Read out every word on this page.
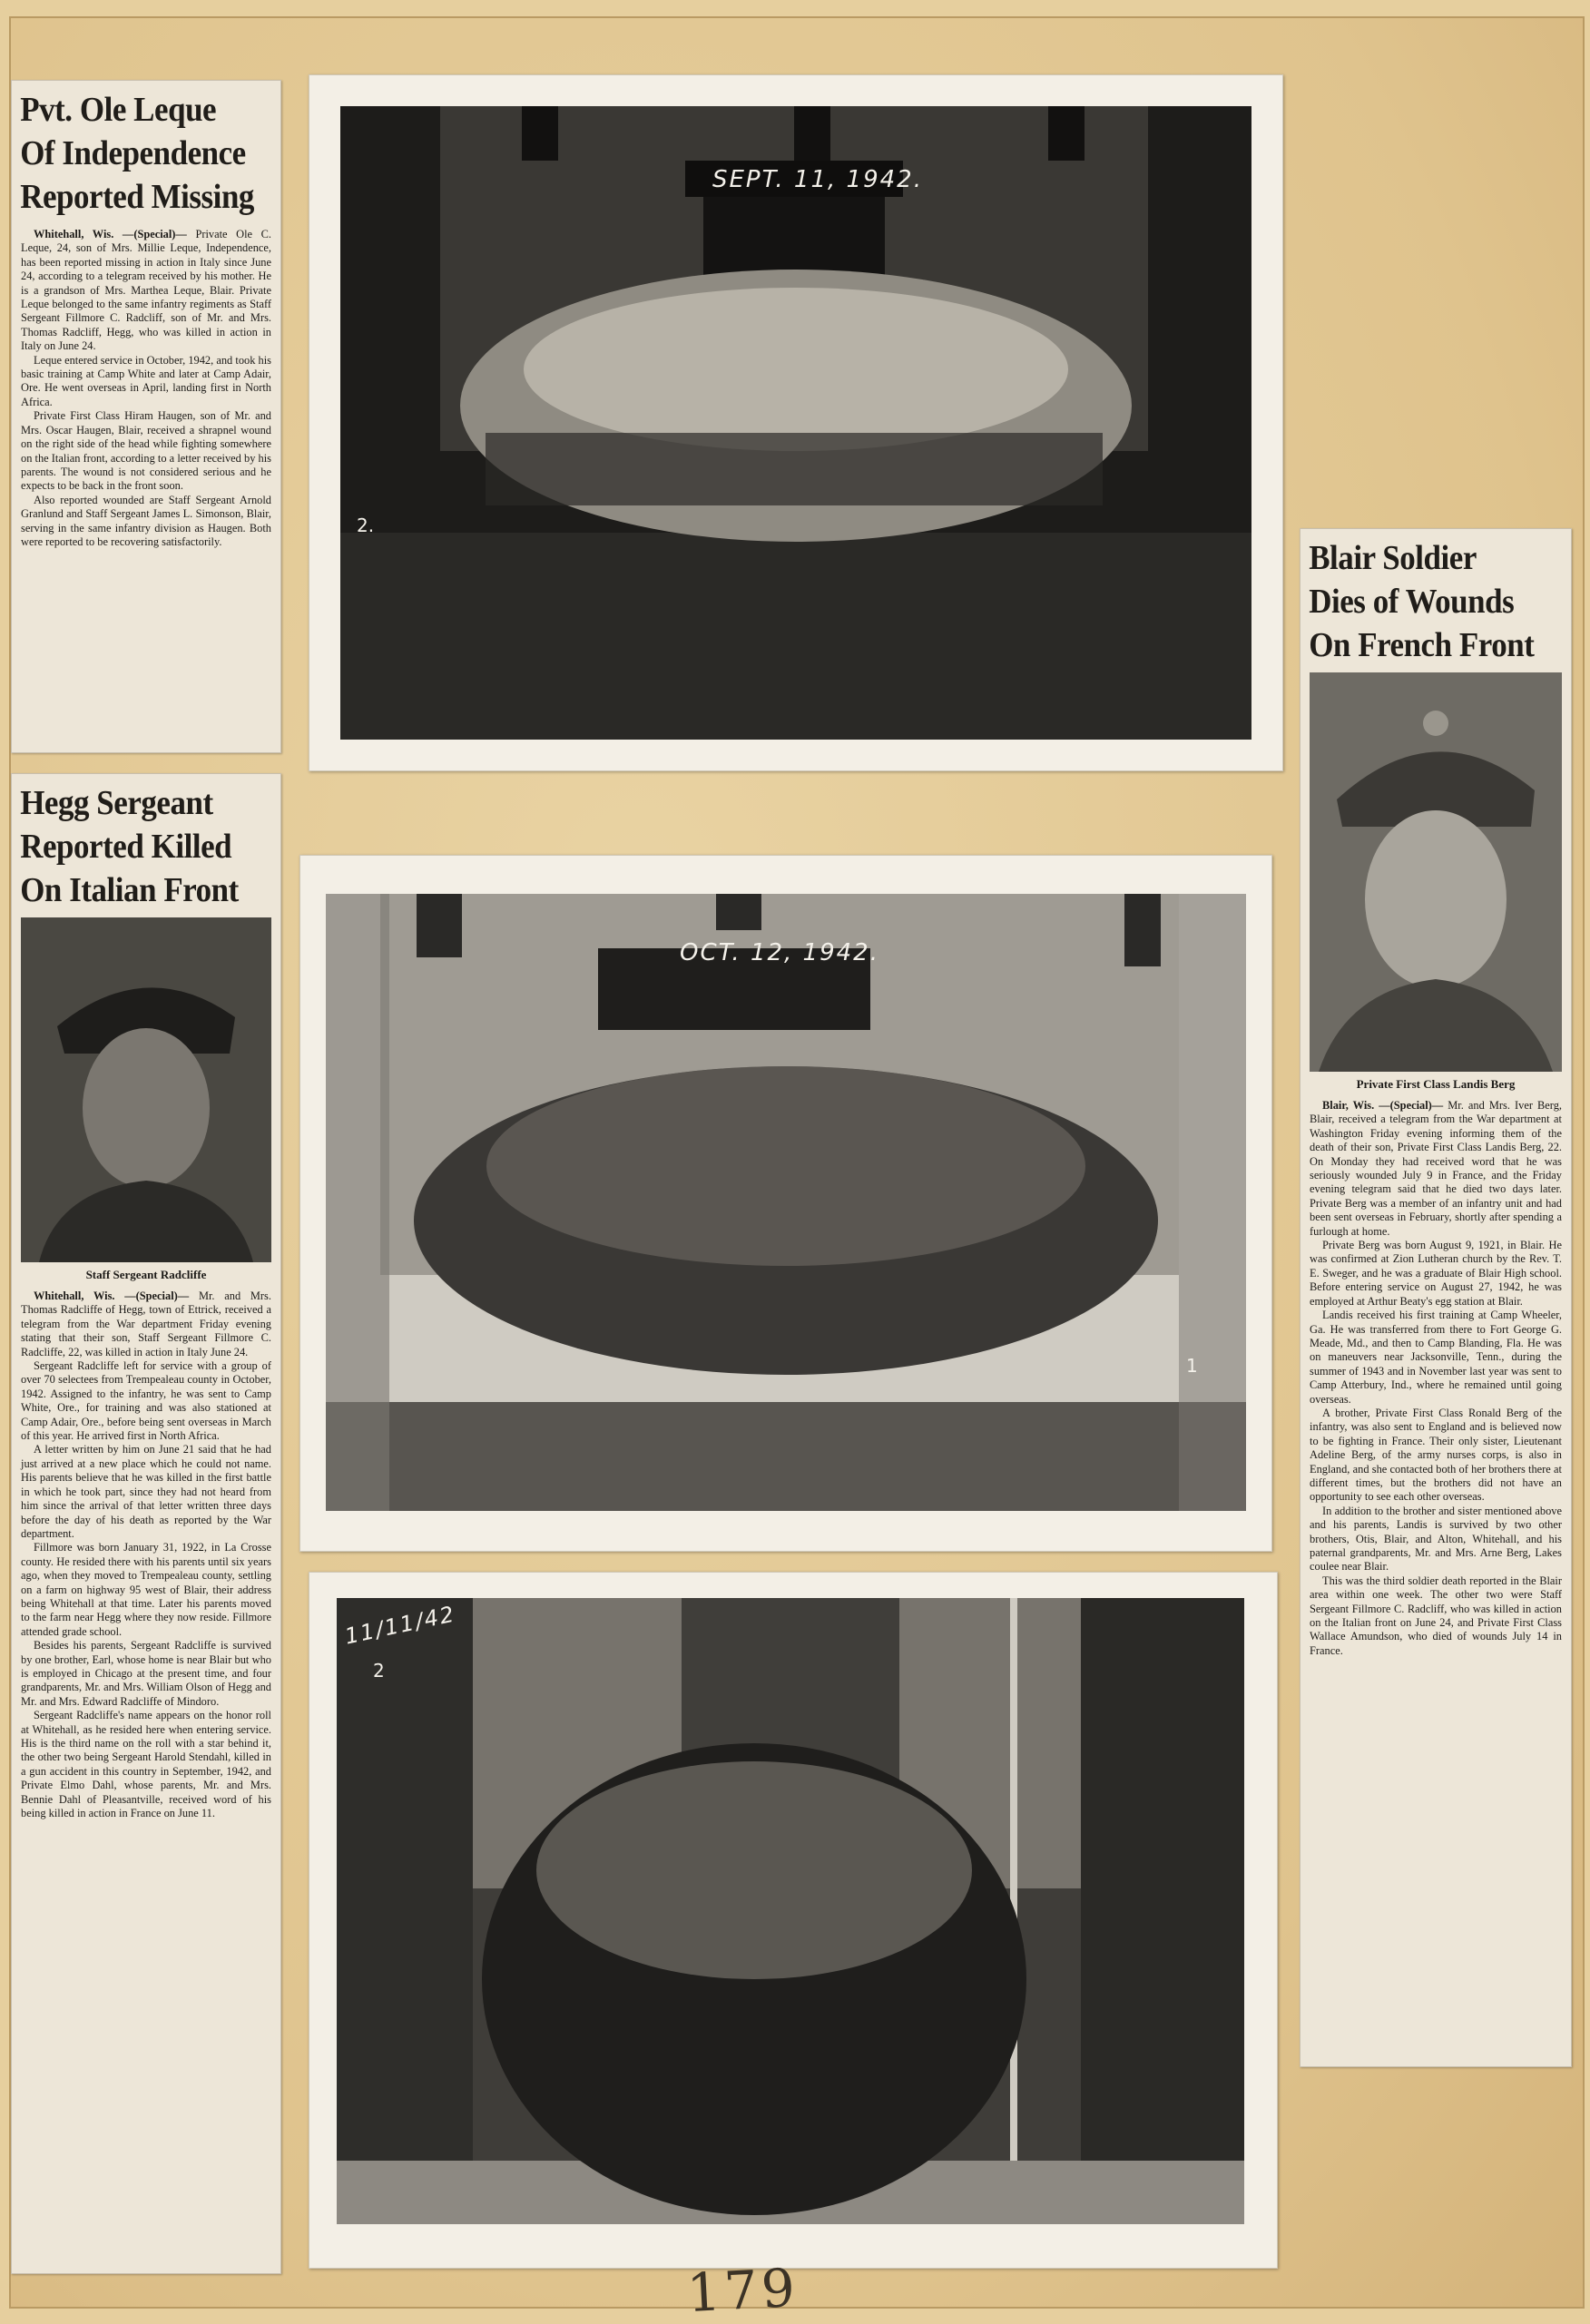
Pvt. Ole Leque
Of Independence
Reported Missing

Whitehall, Wis. —(Special)— Private Ole C. Leque, 24, son of Mrs. Millie Leque, Independence, has been reported missing in action in Italy since June 24, according to a telegram received by his mother. He is a grandson of Mrs. Marthea Leque, Blair. Private Leque belonged to the same infantry regiments as Staff Sergeant Fillmore C. Radcliff, son of Mr. and Mrs. Thomas Radcliff, Hegg, who was killed in action in Italy on June 24.

Leque entered service in October, 1942, and took his basic training at Camp White and later at Camp Adair, Ore. He went overseas in April, landing first in North Africa.

Private First Class Hiram Haugen, son of Mr. and Mrs. Oscar Haugen, Blair, received a shrapnel wound on the right side of the head while fighting somewhere on the Italian front, according to a letter received by his parents. The wound is not considered serious and he expects to be back in the front soon.

Also reported wounded are Staff Sergeant Arnold Granlund and Staff Sergeant James L. Simonson, Blair, serving in the same infantry division as Haugen. Both were reported to be recovering satisfactorily.

Hegg Sergeant
Reported Killed
On Italian Front
Staff Sergeant Radcliffe

Whitehall, Wis. —(Special)— Mr. and Mrs. Thomas Radcliffe of Hegg, town of Ettrick, received a telegram from the War department Friday evening stating that their son, Staff Sergeant Fillmore C. Radcliffe, 22, was killed in action in Italy June 24.

Sergeant Radcliffe left for service with a group of over 70 selectees from Trempealeau county in October, 1942. Assigned to the infantry, he was sent to Camp White, Ore., for training and was also stationed at Camp Adair, Ore., before being sent overseas in March of this year. He arrived first in North Africa.

A letter written by him on June 21 said that he had just arrived at a new place which he could not name. His parents believe that he was killed in the first battle in which he took part, since they had not heard from him since the arrival of that letter written three days before the day of his death as reported by the War department.

Fillmore was born January 31, 1922, in La Crosse county. He resided there with his parents until six years ago, when they moved to Trempealeau county, settling on a farm on highway 95 west of Blair, their address being Whitehall at that time. Later his parents moved to the farm near Hegg where they now reside. Fillmore attended grade school.

Besides his parents, Sergeant Radcliffe is survived by one brother, Earl, whose home is near Blair but who is employed in Chicago at the present time, and four grandparents, Mr. and Mrs. William Olson of Hegg and Mr. and Mrs. Edward Radcliffe of Mindoro.

Sergeant Radcliffe's name appears on the honor roll at Whitehall, as he resided here when entering service. His is the third name on the roll with a star behind it, the other two being Sergeant Harold Stendahl, killed in a gun accident in this country in September, 1942, and Private Elmo Dahl, whose parents, Mr. and Mrs. Bennie Dahl of Pleasantville, received word of his being killed in action in France on June 11.

Blair Soldier
Dies of Wounds
On French Front
Private First Class Landis Berg

Blair, Wis. —(Special)— Mr. and Mrs. Iver Berg, Blair, received a telegram from the War department at Washington Friday evening informing them of the death of their son, Private First Class Landis Berg, 22. On Monday they had received word that he was seriously wounded July 9 in France, and the Friday evening telegram said that he died two days later. Private Berg was a member of an infantry unit and had been sent overseas in February, shortly after spending a furlough at home.

Private Berg was born August 9, 1921, in Blair. He was confirmed at Zion Lutheran church by the Rev. T. E. Sweger, and he was a graduate of Blair High school. Before entering service on August 27, 1942, he was employed at Arthur Beaty's egg station at Blair.

Landis received his first training at Camp Wheeler, Ga. He was transferred from there to Fort George G. Meade, Md., and then to Camp Blanding, Fla. He was on maneuvers near Jacksonville, Tenn., during the summer of 1943 and in November last year was sent to Camp Atterbury, Ind., where he remained until going overseas.

A brother, Private First Class Ronald Berg of the infantry, was also sent to England and is believed now to be fighting in France. Their only sister, Lieutenant Adeline Berg, of the army nurses corps, is also in England, and she contacted both of her brothers there at different times, but the brothers did not have an opportunity to see each other overseas.

In addition to the brother and sister mentioned above and his parents, Landis is survived by two other brothers, Otis, Blair, and Alton, Whitehall, and his paternal grandparents, Mr. and Mrs. Arne Berg, Lakes coulee near Blair.

This was the third soldier death reported in the Blair area within one week. The other two were Staff Sergeant Fillmore C. Radcliff, who was killed in action on the Italian front on June 24, and Private First Class Wallace Amundson, who died of wounds July 14 in France.

SEPT. 11, 1942.
2.
OCT. 12, 1942.
1
11/11/42
2
179
